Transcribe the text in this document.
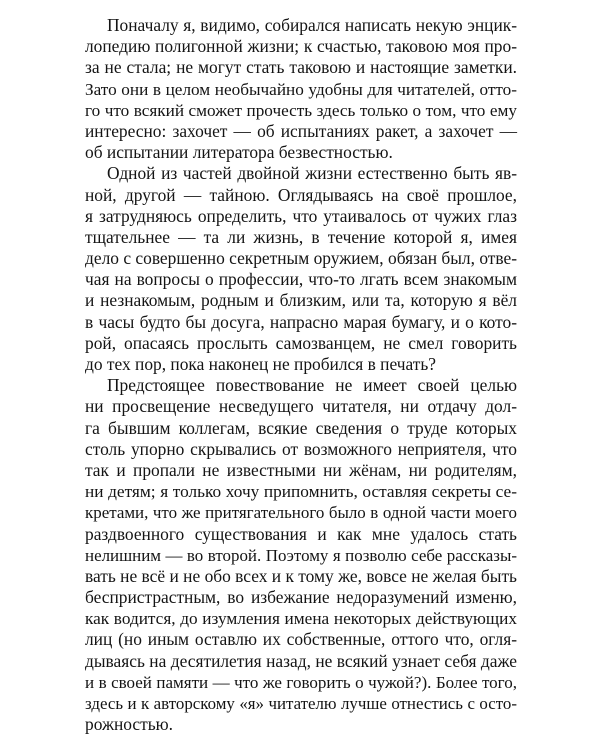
Поначалу я, видимо, собирался написать некую энцик-
лопедию полигонной жизни; к счастью, таковою моя про-
за не стала; не могут стать таковою и настоящие заметки.
Зато они в целом необычайно удобны для читателей, отто-
го что всякий сможет прочесть здесь только о том, что ему
интересно: захочет — об испытаниях ракет, а захочет —
об испытании литератора безвестностью.
Одной из частей двойной жизни естественно быть яв-
ной, другой — тайною. Оглядываясь на своё прошлое,
я затрудняюсь определить, что утаивалось от чужих глаз
тщательнее — та ли жизнь, в течение которой я, имея
дело с совершенно секретным оружием, обязан был, отве-
чая на вопросы о профессии, что-то лгать всем знакомым
и незнакомым, родным и близким, или та, которую я вёл
в часы будто бы досуга, напрасно марая бумагу, и о кото-
рой, опасаясь прослыть самозванцем, не смел говорить
до тех пор, пока наконец не пробился в печать?
Предстоящее повествование не имеет своей целью
ни просвещение несведущего читателя, ни отдачу дол-
га бывшим коллегам, всякие сведения о труде которых
столь упорно скрывались от возможного неприятеля, что
так и пропали не известными ни жёнам, ни родителям,
ни детям; я только хочу припомнить, оставляя секреты се-
кретами, что же притягательного было в одной части моего
раздвоенного существования и как мне удалось стать
нелишним — во второй. Поэтому я позволю себе рассказы-
вать не всё и не обо всех и к тому же, вовсе не желая быть
беспристрастным, во избежание недоразумений изменю,
как водится, до изумления имена некоторых действующих
лиц (но иным оставлю их собственные, оттого что, огля-
дываясь на десятилетия назад, не всякий узнает себя даже
и в своей памяти — что же говорить о чужой?). Более того,
здесь и к авторскому «я» читателю лучше отнестись с осто-
рожностью.
